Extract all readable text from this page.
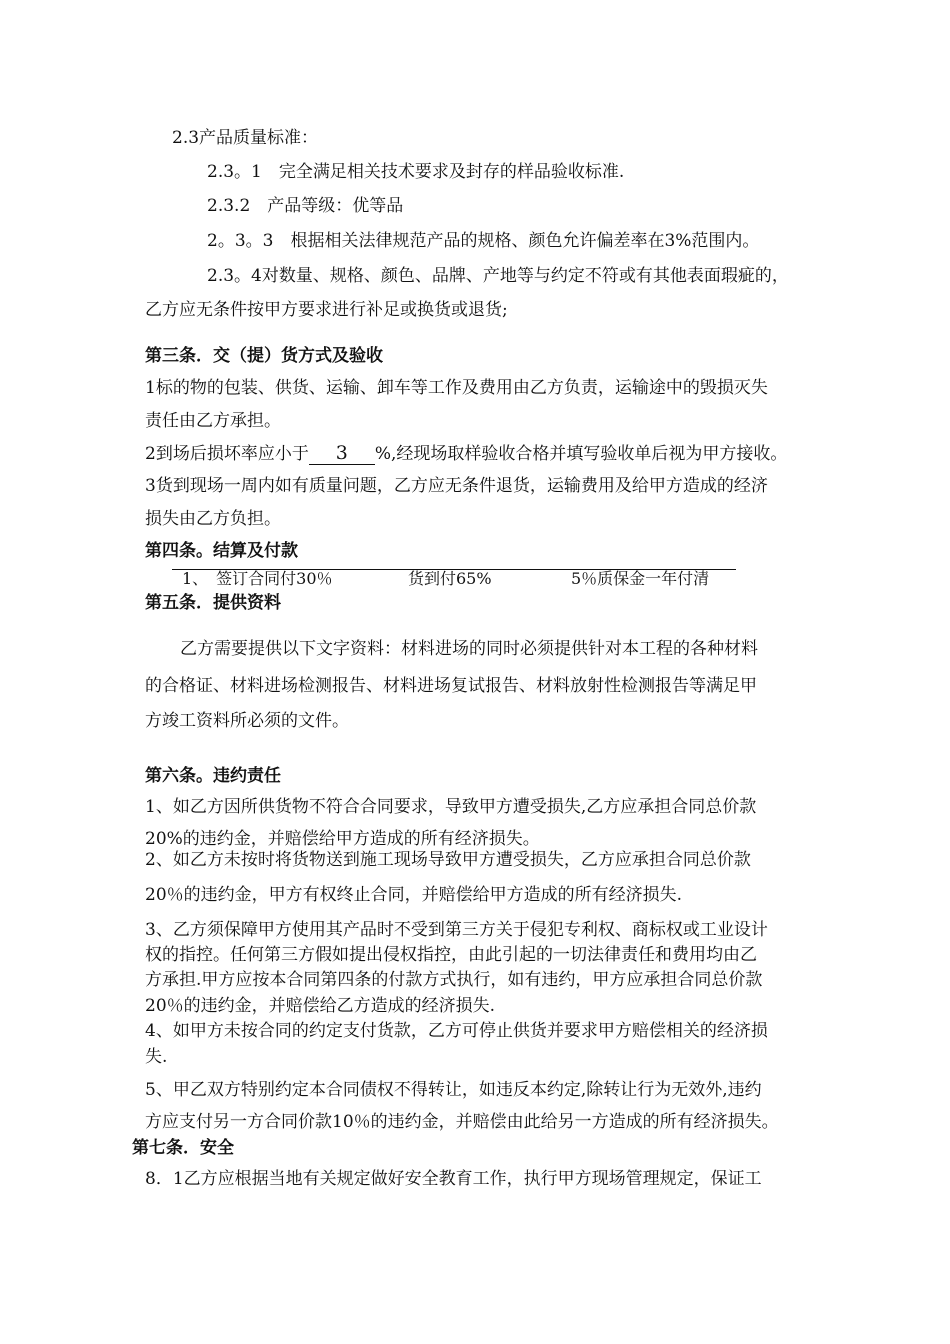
2.3产品质量标准：
2.3。1　完全满足相关技术要求及封存的样品验收标准.
2.3.2　产品等级：优等品
2。3。3　根据相关法律规范产品的规格、颜色允许偏差率在3%范围内。
2.3。4对数量、规格、颜色、品牌、产地等与约定不符或有其他表面瑕疵的，
乙方应无条件按甲方要求进行补足或换货或退货;
第三条．交（提）货方式及验收
1标的物的包装、供货、运输、卸车等工作及费用由乙方负责，运输途中的毁损灭失
责任由乙方承担。
2到场后损坏率应小于 3 %,经现场取样验收合格并填写验收单后视为甲方接收。
3货到现场一周内如有质量问题，乙方应无条件退货，运输费用及给甲方造成的经济
损失由乙方负担。
第四条。结算及付款
1、　签订合同付30％	货到付65%	5％质保金一年付清
第五条．提供资料
乙方需要提供以下文字资料：材料进场的同时必须提供针对本工程的各种材料
的合格证、材料进场检测报告、材料进场复试报告、材料放射性检测报告等满足甲
方竣工资料所必须的文件。
第六条。违约责任
1、如乙方因所供货物不符合合同要求，导致甲方遭受损失,乙方应承担合同总价款
20%的违约金，并赔偿给甲方造成的所有经济损失。
2、如乙方未按时将货物送到施工现场导致甲方遭受损失，乙方应承担合同总价款
20％的违约金，甲方有权终止合同，并赔偿给甲方造成的所有经济损失.
3、乙方须保障甲方使用其产品时不受到第三方关于侵犯专利权、商标权或工业设计
权的指控。任何第三方假如提出侵权指控，由此引起的一切法律责任和费用均由乙
方承担.甲方应按本合同第四条的付款方式执行，如有违约，甲方应承担合同总价款
20％的违约金，并赔偿给乙方造成的经济损失.
4、如甲方未按合同的约定支付货款，乙方可停止供货并要求甲方赔偿相关的经济损
失.
5、甲乙双方特别约定本合同债权不得转让，如违反本约定,除转让行为无效外,违约
方应支付另一方合同价款10％的违约金，并赔偿由此给另一方造成的所有经济损失。
第七条．安全
8．1乙方应根据当地有关规定做好安全教育工作，执行甲方现场管理规定，保证工
